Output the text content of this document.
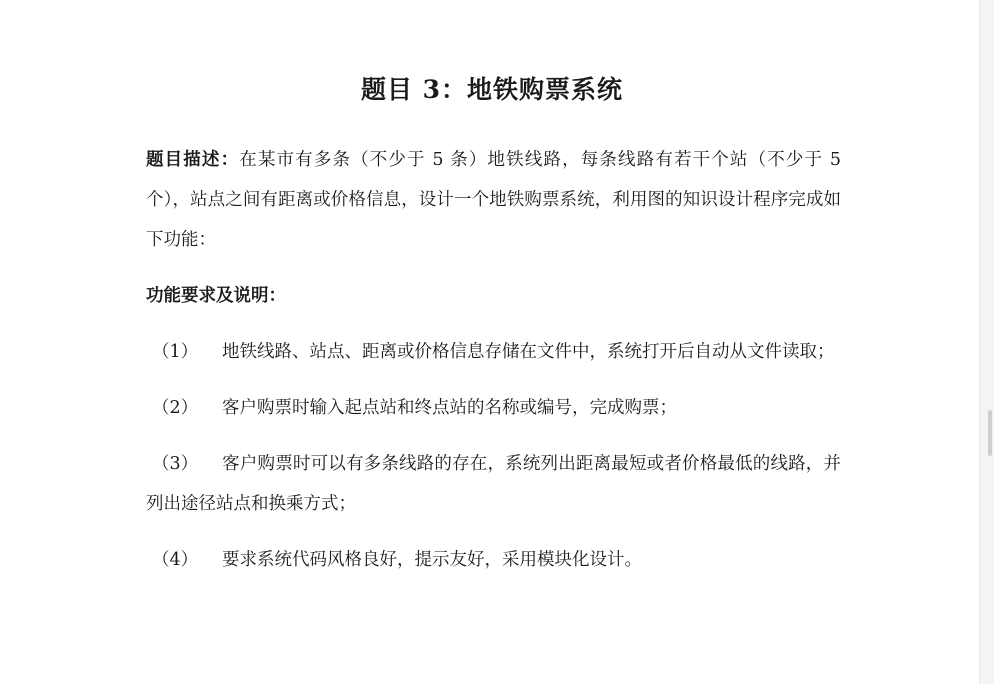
题目 3：地铁购票系统

题目描述：在某市有多条（不少于 5 条）地铁线路，每条线路有若干个站（不少于 5 个），站点之间有距离或价格信息，设计一个地铁购票系统，利用图的知识设计程序完成如下功能：

功能要求及说明：

（1） 地铁线路、站点、距离或价格信息存储在文件中，系统打开后自动从文件读取；

（2） 客户购票时输入起点站和终点站的名称或编号，完成购票；

（3） 客户购票时可以有多条线路的存在，系统列出距离最短或者价格最低的线路，并列出途径站点和换乘方式；

（4） 要求系统代码风格良好，提示友好，采用模块化设计。
